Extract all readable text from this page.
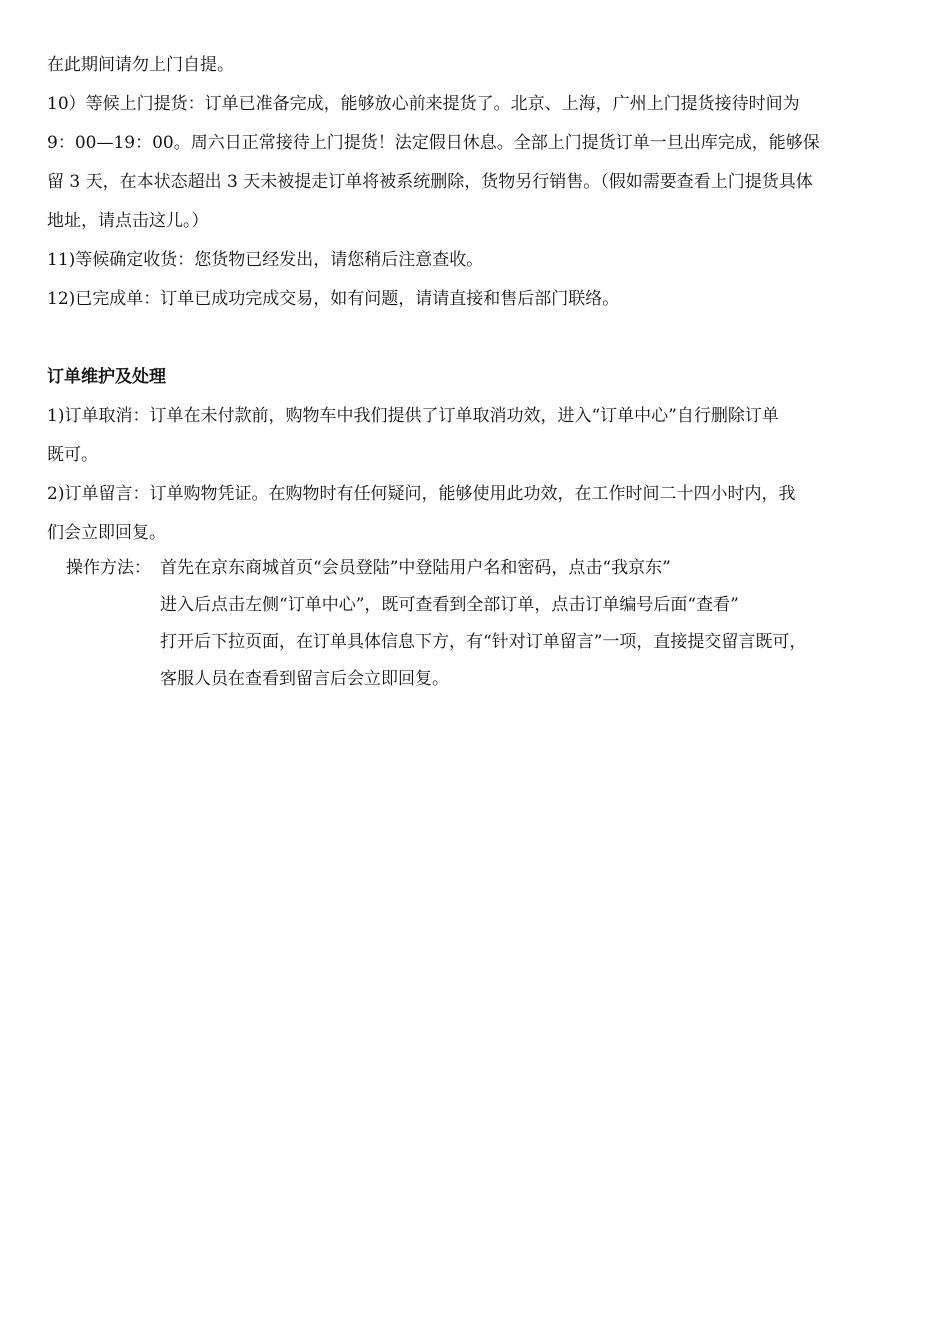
在此期间请勿上门自提。
10）等候上门提货：订单已准备完成，能够放心前来提货了。北京、上海，广州上门提货接待时间为
9：00—19：00。周六日正常接待上门提货！法定假日休息。全部上门提货订单一旦出库完成，能够保
留 3 天，在本状态超出 3 天未被提走订单将被系统删除，货物另行销售。（假如需要查看上门提货具体
地址，请点击这儿。）
11)等候确定收货：您货物已经发出，请您稍后注意查收。
12)已完成单：订单已成功完成交易，如有问题，请请直接和售后部门联络。
订单维护及处理
1)订单取消：订单在未付款前，购物车中我们提供了订单取消功效，进入“订单中心”自行删除订单
既可。
2)订单留言：订单购物凭证。在购物时有任何疑问，能够使用此功效，在工作时间二十四小时内，我
们会立即回复。
操作方法： 首先在京东商城首页“会员登陆”中登陆用户名和密码，点击“我京东”
进入后点击左侧“订单中心”，既可查看到全部订单，点击订单编号后面“查看”
打开后下拉页面，在订单具体信息下方，有“针对订单留言”一项，直接提交留言既可，
客服人员在查看到留言后会立即回复。
